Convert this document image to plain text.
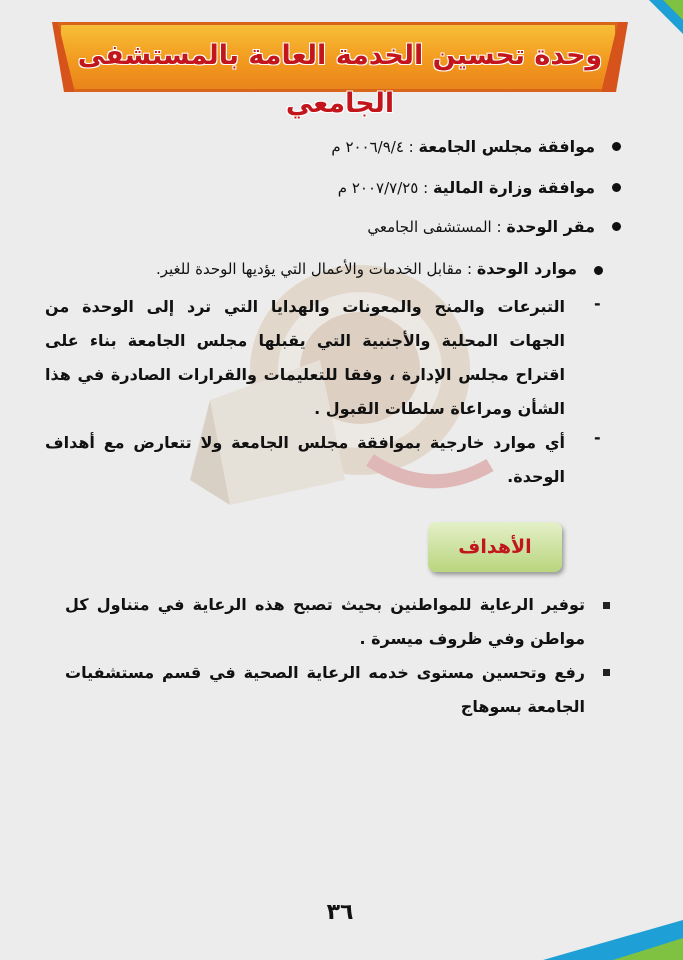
وحدة تحسين الخدمة العامة بالمستشفى الجامعي
موافقة مجلس الجامعة : ٢٠٠٦/٩/٤ م
موافقة وزارة المالية : ٢٠٠٧/٧/٢٥ م
مقر الوحدة : المستشفى الجامعي
موارد الوحدة : مقابل الخدمات والأعمال التي يؤديها الوحدة للغير.
-
التبرعات والمنح والمعونات والهدايا التي ترد إلى الوحدة من الجهات المحلية والأجنبية التي يقبلها مجلس الجامعة بناء على اقتراح مجلس الإدارة ، وفقا للتعليمات والقرارات الصادرة في هذا الشأن ومراعاة سلطات القبول .
-
أي موارد خارجية بموافقة مجلس الجامعة ولا تتعارض مع أهداف الوحدة.
الأهداف
توفير الرعاية للمواطنين بحيث تصبح هذه الرعاية في متناول كل مواطن وفي ظروف ميسرة .
رفع وتحسين مستوى خدمه الرعاية الصحية في قسم مستشفيات الجامعة بسوهاج
٣٦
